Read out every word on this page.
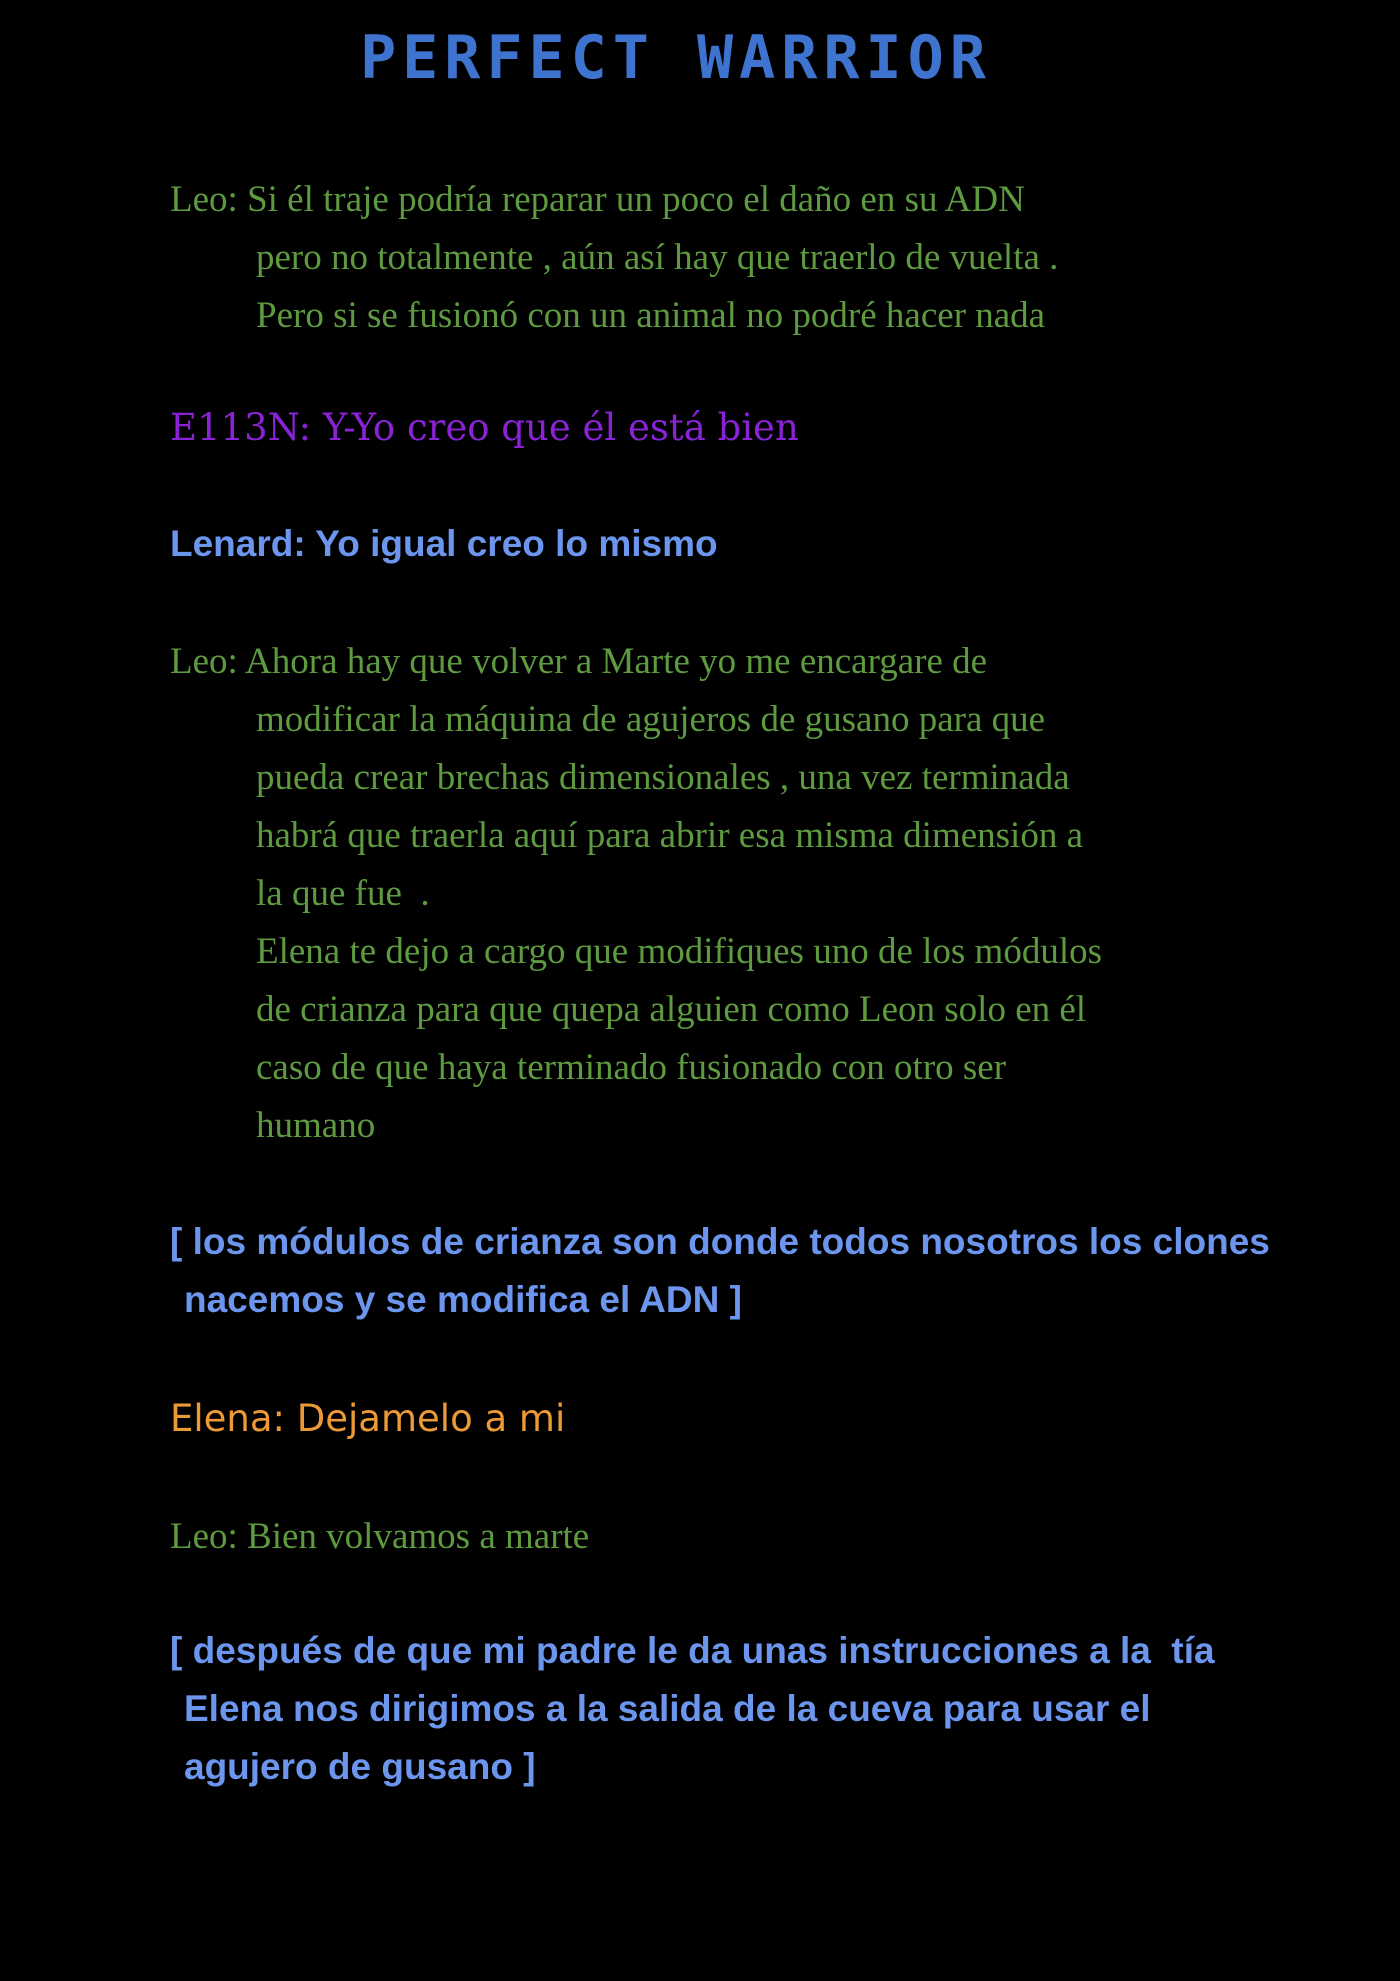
PERFECT WARRIOR
Leo: Si él traje podría reparar un poco el daño en su ADN
pero no totalmente , aún así hay que traerlo de vuelta .
Pero si se fusionó con un animal no podré hacer nada
E113N: Y-Yo creo que él está bien
Lenard: Yo igual creo lo mismo
Leo: Ahora hay que volver a Marte yo me encargare de
modificar la máquina de agujeros de gusano para que
pueda crear brechas dimensionales , una vez terminada
habrá que traerla aquí para abrir esa misma dimensión a
la que fue  .
Elena te dejo a cargo que modifiques uno de los módulos
de crianza para que quepa alguien como Leon solo en él
caso de que haya terminado fusionado con otro ser
humano
[ los módulos de crianza son donde todos nosotros los clones
nacemos y se modifica el ADN ]
Elena: Dejamelo a mi
Leo: Bien volvamos a marte
[ después de que mi padre le da unas instrucciones a la  tía
Elena nos dirigimos a la salida de la cueva para usar el
agujero de gusano ]
